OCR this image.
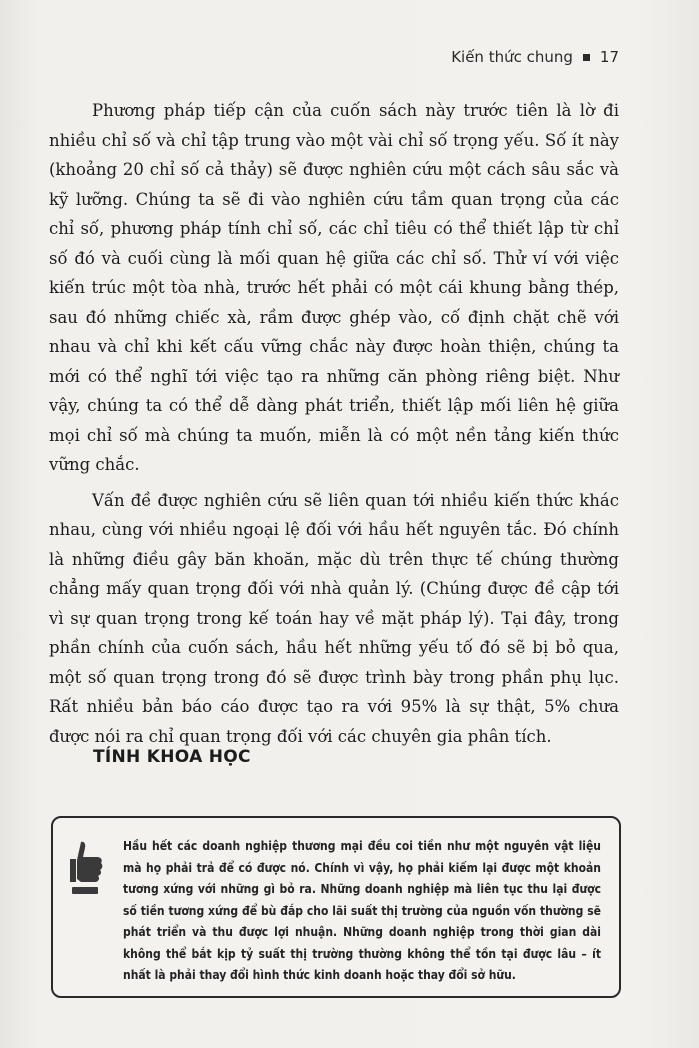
Kiến thức chung 17

Phương pháp tiếp cận của cuốn sách này trước tiên là lờ đi nhiều chỉ số và chỉ tập trung vào một vài chỉ số trọng yếu. Số ít này (khoảng 20 chỉ số cả thảy) sẽ được nghiên cứu một cách sâu sắc và kỹ lưỡng. Chúng ta sẽ đi vào nghiên cứu tầm quan trọng của các chỉ số, phương pháp tính chỉ số, các chỉ tiêu có thể thiết lập từ chỉ số đó và cuối cùng là mối quan hệ giữa các chỉ số. Thử ví với việc kiến trúc một tòa nhà, trước hết phải có một cái khung bằng thép, sau đó những chiếc xà, rầm được ghép vào, cố định chặt chẽ với nhau và chỉ khi kết cấu vững chắc này được hoàn thiện, chúng ta mới có thể nghĩ tới việc tạo ra những căn phòng riêng biệt. Như vậy, chúng ta có thể dễ dàng phát triển, thiết lập mối liên hệ giữa mọi chỉ số mà chúng ta muốn, miễn là có một nền tảng kiến thức vững chắc.

Vấn đề được nghiên cứu sẽ liên quan tới nhiều kiến thức khác nhau, cùng với nhiều ngoại lệ đối với hầu hết nguyên tắc. Đó chính là những điều gây băn khoăn, mặc dù trên thực tế chúng thường chẳng mấy quan trọng đối với nhà quản lý. (Chúng được đề cập tới vì sự quan trọng trong kế toán hay về mặt pháp lý). Tại đây, trong phần chính của cuốn sách, hầu hết những yếu tố đó sẽ bị bỏ qua, một số quan trọng trong đó sẽ được trình bày trong phần phụ lục. Rất nhiều bản báo cáo được tạo ra với 95% là sự thật, 5% chưa được nói ra chỉ quan trọng đối với các chuyên gia phân tích.

TÍNH KHOA HỌC
Hầu hết các doanh nghiệp thương mại đều coi tiền như một nguyên vật liệu mà họ phải trả để có được nó. Chính vì vậy, họ phải kiếm lại được một khoản tương xứng với những gì bỏ ra. Những doanh nghiệp mà liên tục thu lại được số tiền tương xứng để bù đắp cho lãi suất thị trường của nguồn vốn thường sẽ phát triển và thu được lợi nhuận. Những doanh nghiệp trong thời gian dài không thể bắt kịp tỷ suất thị trường thường không thể tồn tại được lâu – ít nhất là phải thay đổi hình thức kinh doanh hoặc thay đổi sở hữu.
